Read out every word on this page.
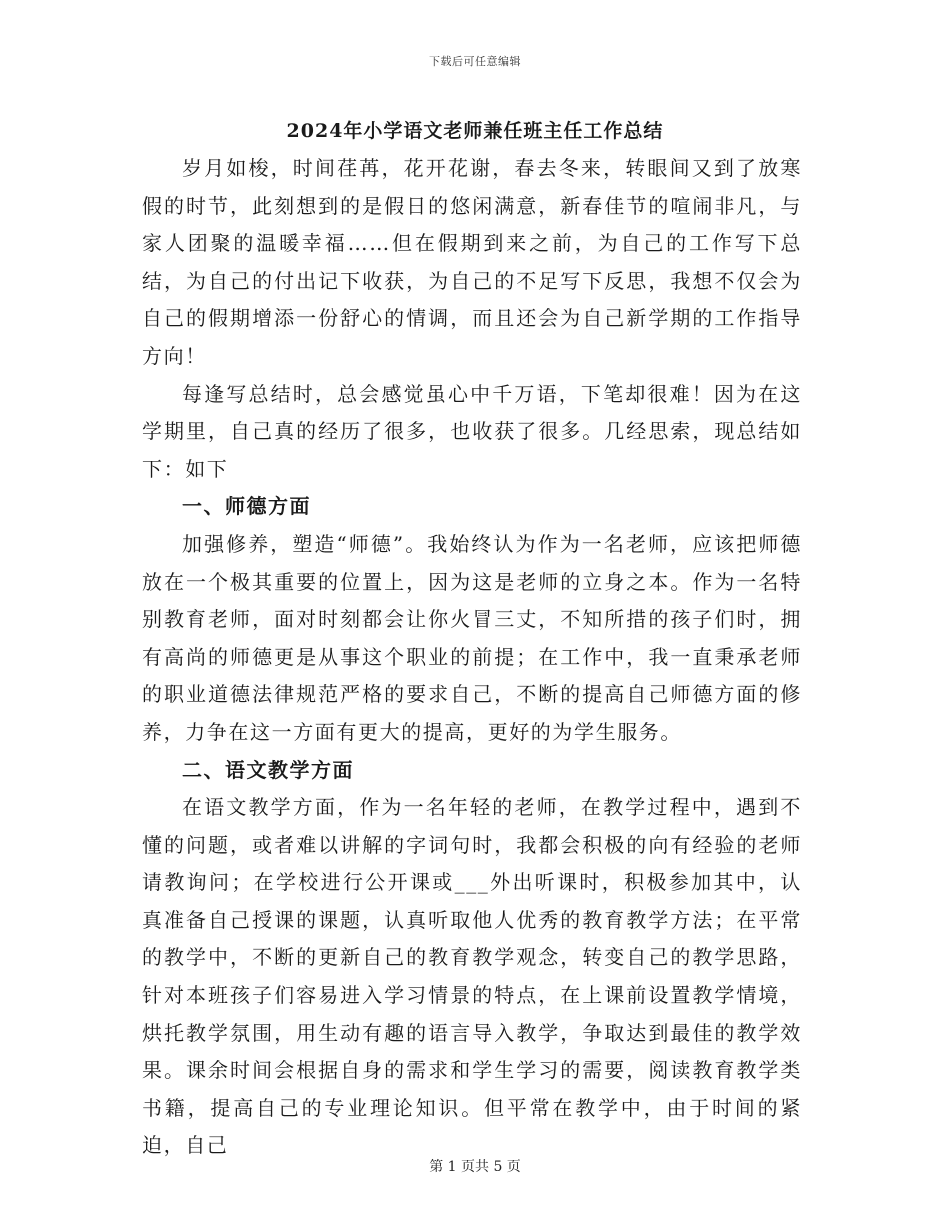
下载后可任意编辑
2024年小学语文老师兼任班主任工作总结

岁月如梭，时间荏苒，花开花谢，春去冬来，转眼间又到了放寒假的时节，此刻想到的是假日的悠闲满意，新春佳节的喧闹非凡，与家人团聚的温暖幸福……但在假期到来之前，为自己的工作写下总结，为自己的付出记下收获，为自己的不足写下反思，我想不仅会为自己的假期增添一份舒心的情调，而且还会为自己新学期的工作指导方向！

每逢写总结时，总会感觉虽心中千万语，下笔却很难！因为在这学期里，自己真的经历了很多，也收获了很多。几经思索，现总结如下：如下

一、师德方面

加强修养，塑造“师德”。我始终认为作为一名老师，应该把师德放在一个极其重要的位置上，因为这是老师的立身之本。作为一名特别教育老师，面对时刻都会让你火冒三丈，不知所措的孩子们时，拥有高尚的师德更是从事这个职业的前提；在工作中，我一直秉承老师的职业道德法律规范严格的要求自己，不断的提高自己师德方面的修养，力争在这一方面有更大的提高，更好的为学生服务。

二、语文教学方面

在语文教学方面，作为一名年轻的老师，在教学过程中，遇到不懂的问题，或者难以讲解的字词句时，我都会积极的向有经验的老师请教询问；在学校进行公开课或___外出听课时，积极参加其中，认真准备自己授课的课题，认真听取他人优秀的教育教学方法；在平常的教学中，不断的更新自己的教育教学观念，转变自己的教学思路，针对本班孩子们容易进入学习情景的特点，在上课前设置教学情境，烘托教学氛围，用生动有趣的语言导入教学，争取达到最佳的教学效果。课余时间会根据自身的需求和学生学习的需要，阅读教育教学类书籍，提高自己的专业理论知识。但平常在教学中，由于时间的紧迫，自己

第 1 页共 5 页
